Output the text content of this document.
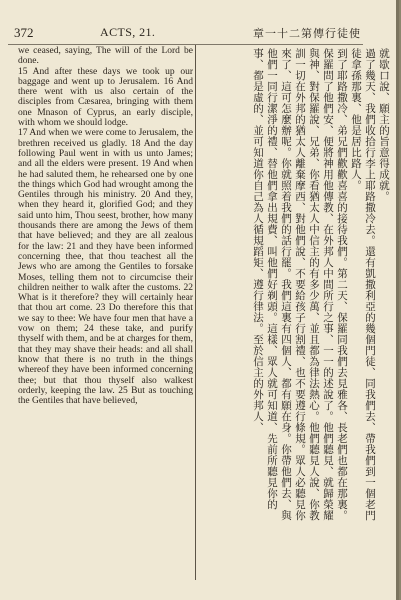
372	ACTS, 21.	章一十二第傳行徒使

we ceased, saying, The will of the Lord be done.

15 And after these days we took up our baggage and went up to Jerusalem. 16 And there went with us also certain of the disciples from Cæsarea, bringing with them one Mnason of Cyprus, an early disciple, with whom we should lodge.

17 And when we were come to Jerusalem, the brethren received us gladly. 18 And the day following Paul went in with us unto James; and all the elders were present. 19 And when he had saluted them, he rehearsed one by one the things which God had wrought among the Gentiles through his ministry. 20 And they, when they heard it, glorified God; and they said unto him, Thou seest, brother, how many thousands there are among the Jews of them that have believed; and they are all zealous for the law: 21 and they have been informed concerning thee, that thou teachest all the Jews who are among the Gentiles to forsake Moses, telling them not to circumcise their children neither to walk after the customs. 22 What is it therefore? they will certainly hear that thou art come. 23 Do therefore this that we say to thee: We have four men that have a vow on them; 24 these take, and purify thyself with them, and be at charges for them, that they may shave their heads: and all shall know that there is no truth in the things whereof they have been informed concerning thee; but that thou thyself also walkest orderly, keeping the law. 25 But as touching the Gentiles that have believed,

就歇口說、願主的旨意得成就。

過了幾天、我們收拾行李上耶路撒冷去。還有凱撒利亞的幾個門徒、同我們去、帶我們到一個老門徒拿孫那裏、他是居比路人。

到了耶路撒冷、弟兄們歡歡喜喜的接待我們。第二天、保羅同我們去見雅各、長老們也都在那裏。保羅問了他們安、便將神用他傳教、在外邦人中間所行之事、一一的述說了。他們聽見、就歸榮耀與神、對保羅說、兄弟、你看猶太人中信主的有多少萬、並且都為律法熱心。他們聽見人說、你教訓一切在外邦的猶太人離棄摩西、對他們說、不要給孩子行割禮、也不要遵行條規。眾人必聽見你來了、這可怎麼辦呢。你就照着我們的話行罷。我們這裏有四個人、都有願在身。你帶他們去、與他們一同行潔淨的禮、替他們拿出規費、叫他們好剃頭。這樣、眾人就可知道、先前所聽見你的事、都是虛的、並可知道你自己為人循規蹈矩、遵行律法。至於信主的外邦人、
